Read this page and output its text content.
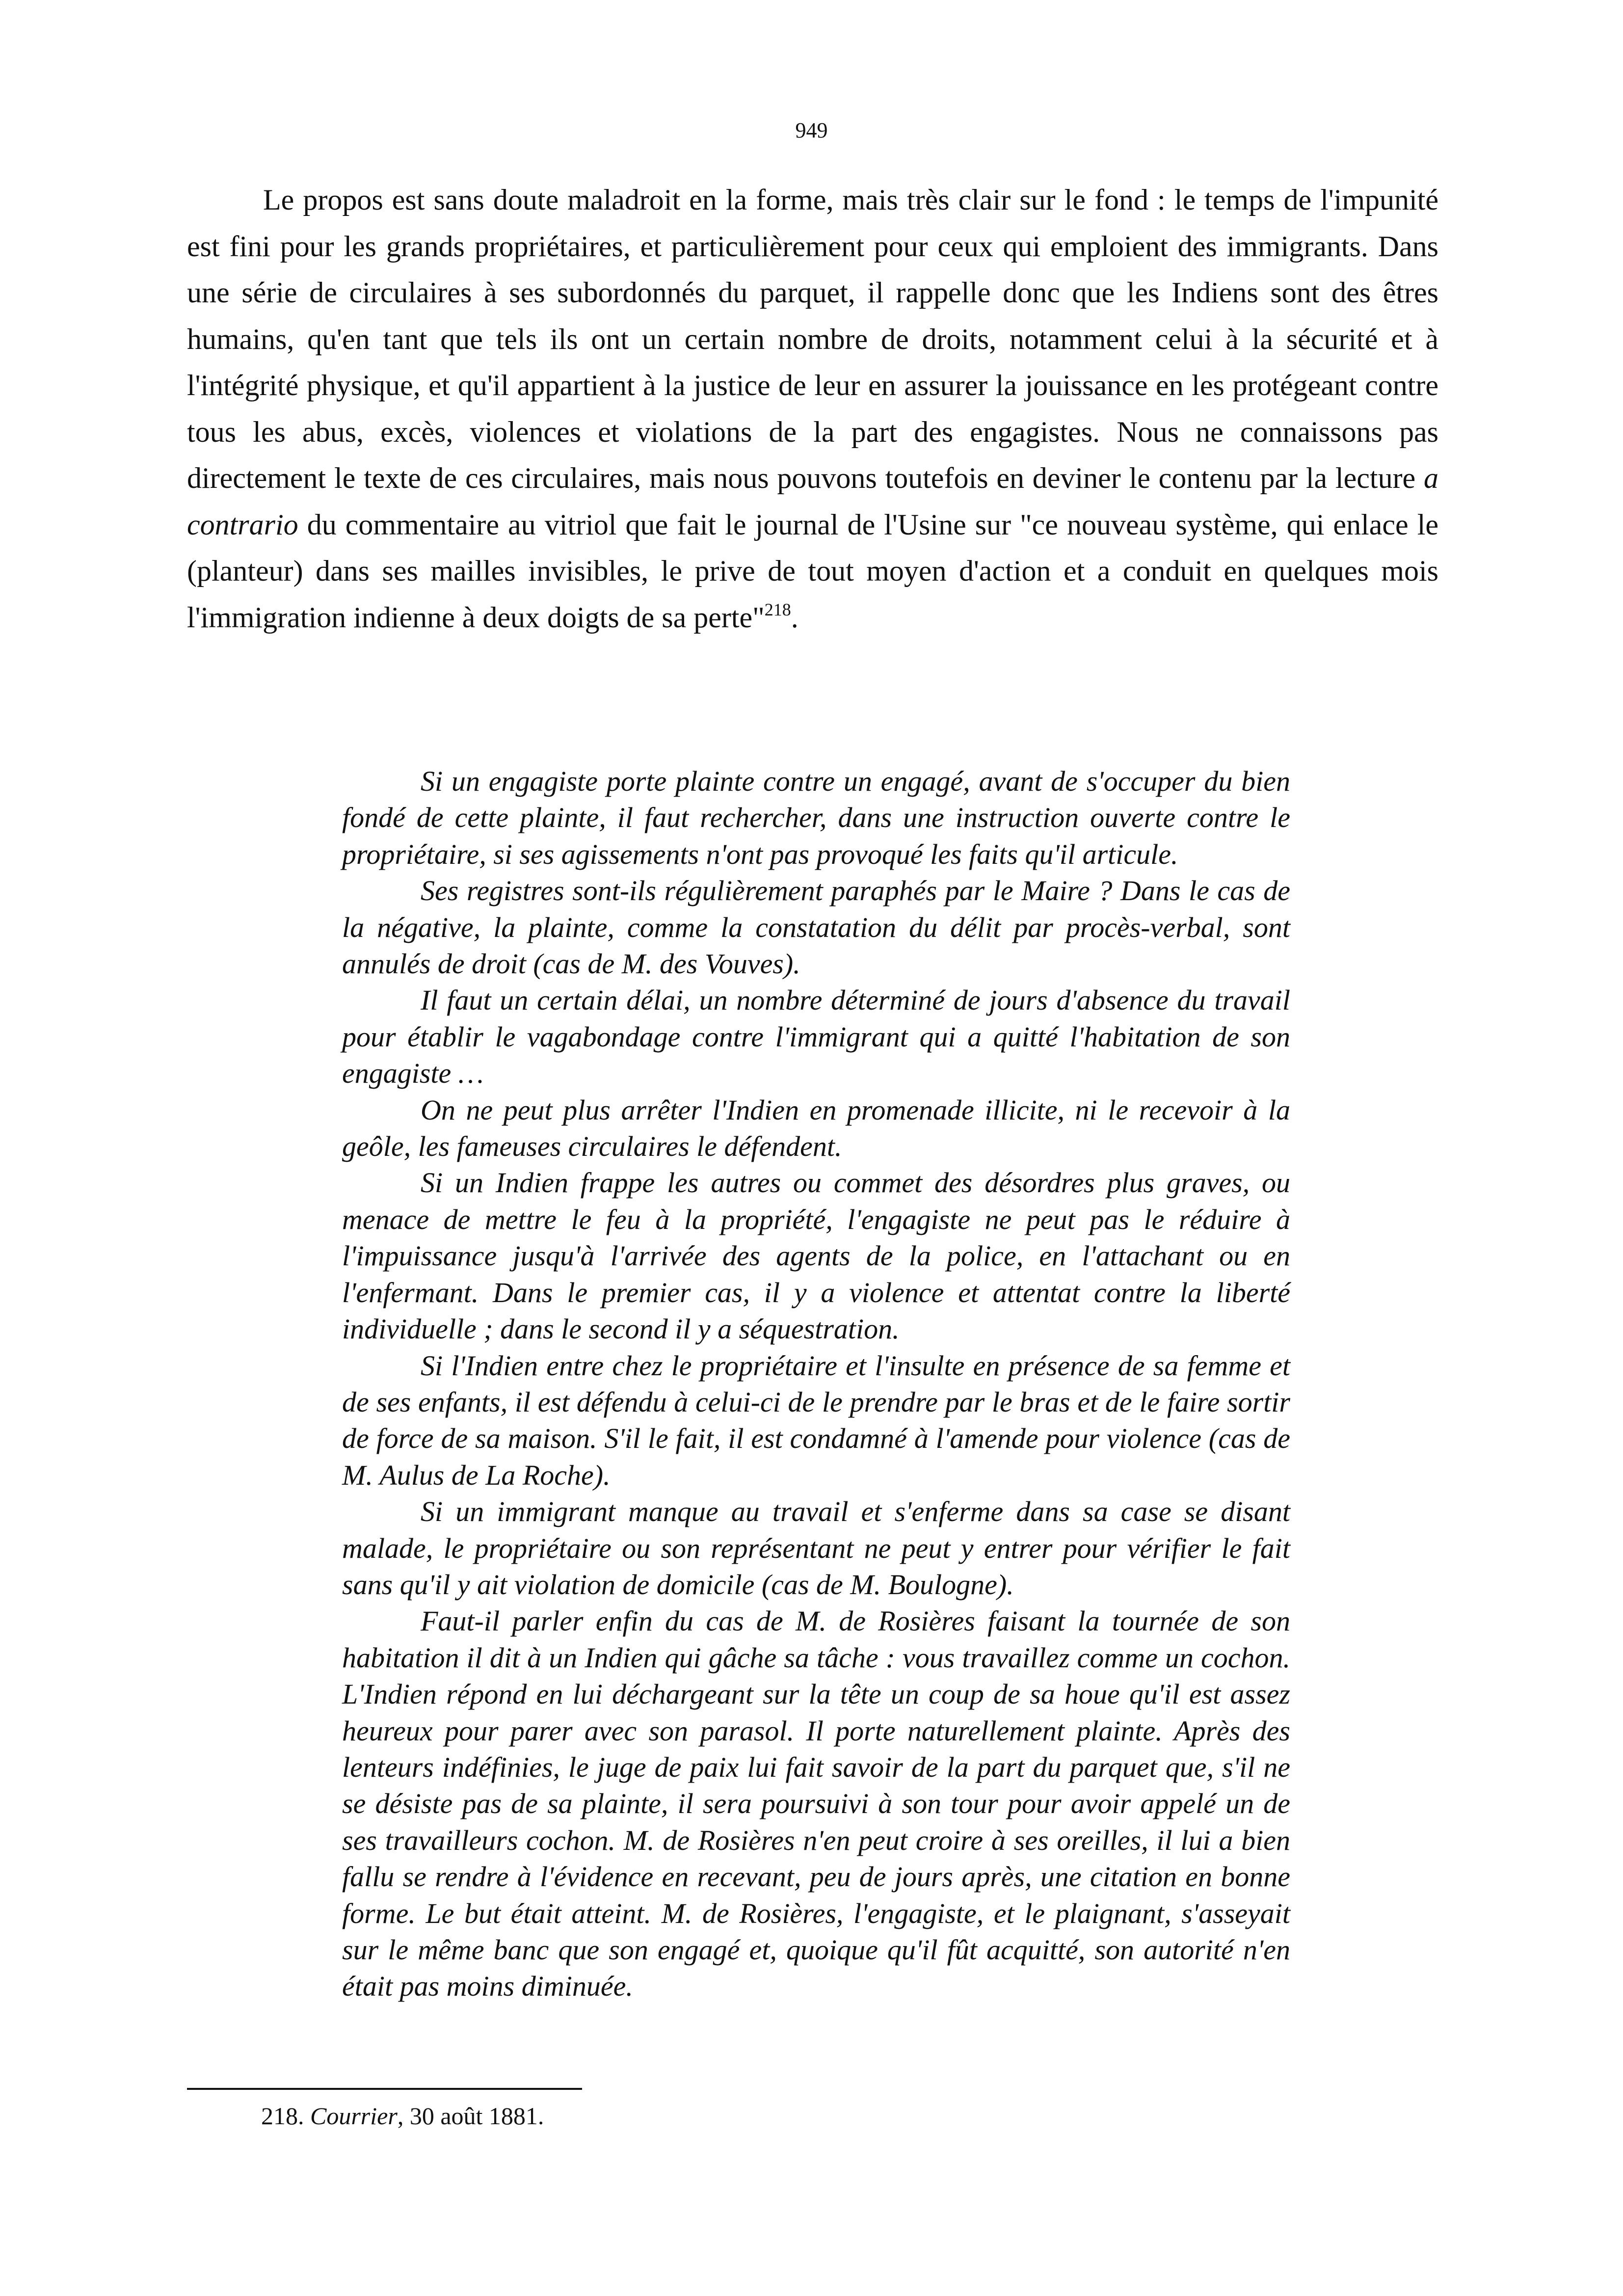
949

Le propos est sans doute maladroit en la forme, mais très clair sur le fond : le temps de l'impunité est fini pour les grands propriétaires, et particulièrement pour ceux qui emploient des immigrants. Dans une série de circulaires à ses subordonnés du parquet, il rappelle donc que les Indiens sont des êtres humains, qu'en tant que tels ils ont un certain nombre de droits, notamment celui à la sécurité et à l'intégrité physique, et qu'il appartient à la justice de leur en assurer la jouissance en les protégeant contre tous les abus, excès, violences et violations de la part des engagistes. Nous ne connaissons pas directement le texte de ces circulaires, mais nous pouvons toutefois en deviner le contenu par la lecture a contrario du commentaire au vitriol que fait le journal de l'Usine sur "ce nouveau système, qui enlace le (planteur) dans ses mailles invisibles, le prive de tout moyen d'action et a conduit en quelques mois l'immigration indienne à deux doigts de sa perte"$^{218}$.

Si un engagiste porte plainte contre un engagé, avant de s'occuper du bien fondé de cette plainte, il faut rechercher, dans une instruction ouverte contre le propriétaire, si ses agissements n'ont pas provoqué les faits qu'il articule.

Ses registres sont-ils régulièrement paraphés par le Maire ? Dans le cas de la négative, la plainte, comme la constatation du délit par procès-verbal, sont annulés de droit (cas de M. des Vouves).

Il faut un certain délai, un nombre déterminé de jours d'absence du travail pour établir le vagabondage contre l'immigrant qui a quitté l'habitation de son engagiste …

On ne peut plus arrêter l'Indien en promenade illicite, ni le recevoir à la geôle, les fameuses circulaires le défendent.

Si un Indien frappe les autres ou commet des désordres plus graves, ou menace de mettre le feu à la propriété, l'engagiste ne peut pas le réduire à l'impuissance jusqu'à l'arrivée des agents de la police, en l'attachant ou en l'enfermant. Dans le premier cas, il y a violence et attentat contre la liberté individuelle ; dans le second il y a séquestration.

Si l'Indien entre chez le propriétaire et l'insulte en présence de sa femme et de ses enfants, il est défendu à celui-ci de le prendre par le bras et de le faire sortir de force de sa maison. S'il le fait, il est condamné à l'amende pour violence (cas de M. Aulus de La Roche).

Si un immigrant manque au travail et s'enferme dans sa case se disant malade, le propriétaire ou son représentant ne peut y entrer pour vérifier le fait sans qu'il y ait violation de domicile (cas de M. Boulogne).

Faut-il parler enfin du cas de M. de Rosières faisant la tournée de son habitation il dit à un Indien qui gâche sa tâche : vous travaillez comme un cochon. L'Indien répond en lui déchargeant sur la tête un coup de sa houe qu'il est assez heureux pour parer avec son parasol. Il porte naturellement plainte. Après des lenteurs indéfinies, le juge de paix lui fait savoir de la part du parquet que, s'il ne se désiste pas de sa plainte, il sera poursuivi à son tour pour avoir appelé un de ses travailleurs cochon. M. de Rosières n'en peut croire à ses oreilles, il lui a bien fallu se rendre à l'évidence en recevant, peu de jours après, une citation en bonne forme. Le but était atteint. M. de Rosières, l'engagiste, et le plaignant, s'asseyait sur le même banc que son engagé et, quoique qu'il fût acquitté, son autorité n'en était pas moins diminuée.

218. Courrier, 30 août 1881.
